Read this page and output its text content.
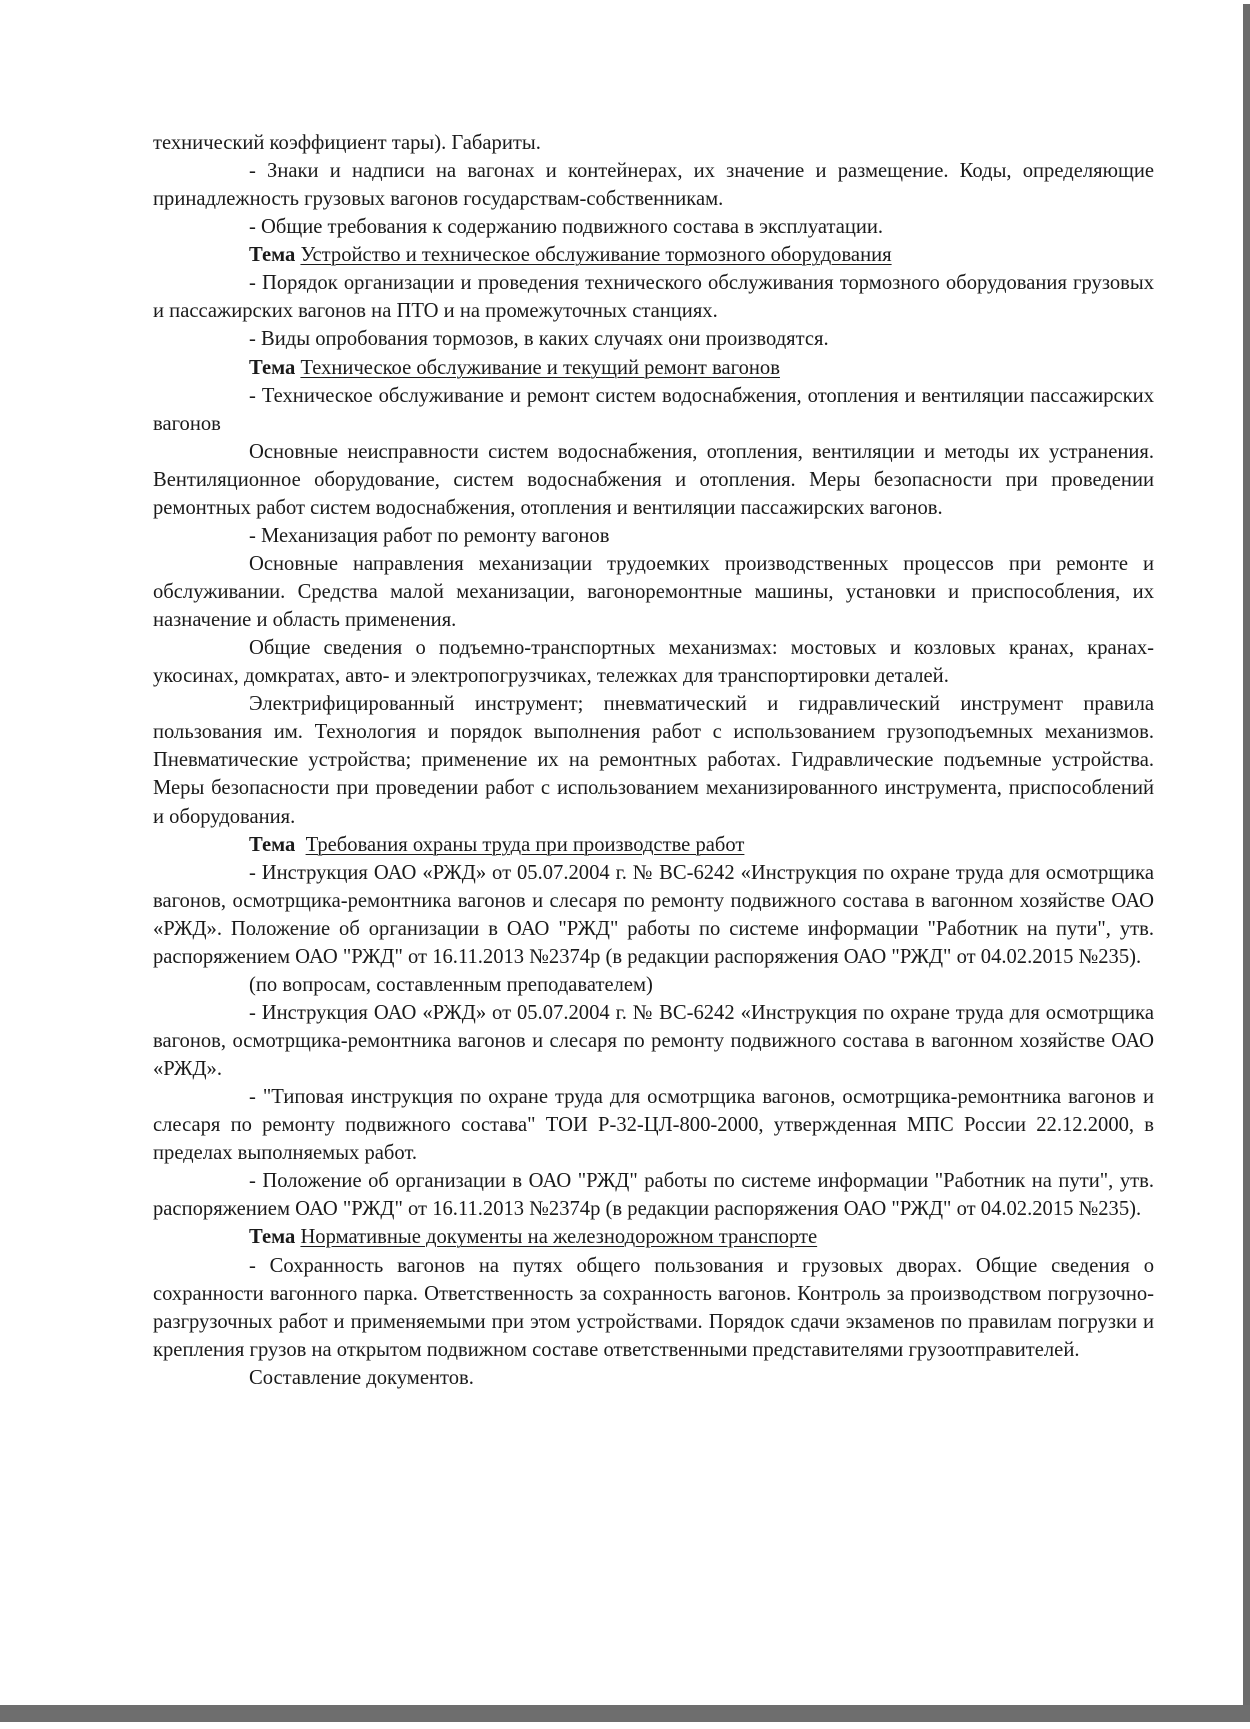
технический коэффициент тары). Габариты.

- Знаки и надписи на вагонах и контейнерах, их значение и размещение. Коды, определяющие принадлежность грузовых вагонов государствам-собственникам.

- Общие требования к содержанию подвижного состава в эксплуатации.

Тема Устройство и техническое обслуживание тормозного оборудования

- Порядок организации и проведения технического обслуживания тормозного оборудования грузовых и пассажирских вагонов на ПТО и на промежуточных станциях.

- Виды опробования тормозов, в каких случаях они производятся.

Тема Техническое обслуживание и текущий ремонт вагонов

- Техническое обслуживание и ремонт систем водоснабжения, отопления и вентиляции пассажирских вагонов

Основные неисправности систем водоснабжения, отопления, вентиляции и методы их устранения. Вентиляционное оборудование, систем водоснабжения и отопления. Меры безопасности при проведении ремонтных работ систем водоснабжения, отопления и вентиляции пассажирских вагонов.

- Механизация работ по ремонту вагонов

Основные направления механизации трудоемких производственных процессов при ремонте и обслуживании. Средства малой механизации, вагоноремонтные машины, установки и приспособления, их назначение и область применения.

Общие сведения о подъемно-транспортных механизмах: мостовых и козловых кранах, кранах-укосинах, домкратах, авто- и электропогрузчиках, тележках для транспортировки деталей.

Электрифицированный инструмент; пневматический и гидравлический инструмент правила пользования им. Технология и порядок выполнения работ с использованием грузоподъемных механизмов. Пневматические устройства; применение их на ремонтных работах. Гидравлические подъемные устройства. Меры безопасности при проведении работ с использованием механизированного инструмента, приспособлений и оборудования.

Тема Требования охраны труда при производстве работ

- Инструкция ОАО «РЖД» от 05.07.2004 г. № ВС-6242 «Инструкция по охране труда для осмотрщика вагонов, осмотрщика-ремонтника вагонов и слесаря по ремонту подвижного состава в вагонном хозяйстве ОАО «РЖД». Положение об организации в ОАО "РЖД" работы по системе информации "Работник на пути", утв. распоряжением ОАО "РЖД" от 16.11.2013 №2374р (в редакции распоряжения ОАО "РЖД" от 04.02.2015 №235).

(по вопросам, составленным преподавателем)

- Инструкция ОАО «РЖД» от 05.07.2004 г. № ВС-6242 «Инструкция по охране труда для осмотрщика вагонов, осмотрщика-ремонтника вагонов и слесаря по ремонту подвижного состава в вагонном хозяйстве ОАО «РЖД».

- "Типовая инструкция по охране труда для осмотрщика вагонов, осмотрщика-ремонтника вагонов и слесаря по ремонту подвижного состава" ТОИ Р-32-ЦЛ-800-2000, утвержденная МПС России 22.12.2000, в пределах выполняемых работ.

- Положение об организации в ОАО "РЖД" работы по системе информации "Работник на пути", утв. распоряжением ОАО "РЖД" от 16.11.2013 №2374р (в редакции распоряжения ОАО "РЖД" от 04.02.2015 №235).

Тема Нормативные документы на железнодорожном транспорте

- Сохранность вагонов на путях общего пользования и грузовых дворах. Общие сведения о сохранности вагонного парка. Ответственность за сохранность вагонов. Контроль за производством погрузочно-разгрузочных работ и применяемыми при этом устройствами. Порядок сдачи экзаменов по правилам погрузки и крепления грузов на открытом подвижном составе ответственными представителями грузоотправителей.

Составление документов.
